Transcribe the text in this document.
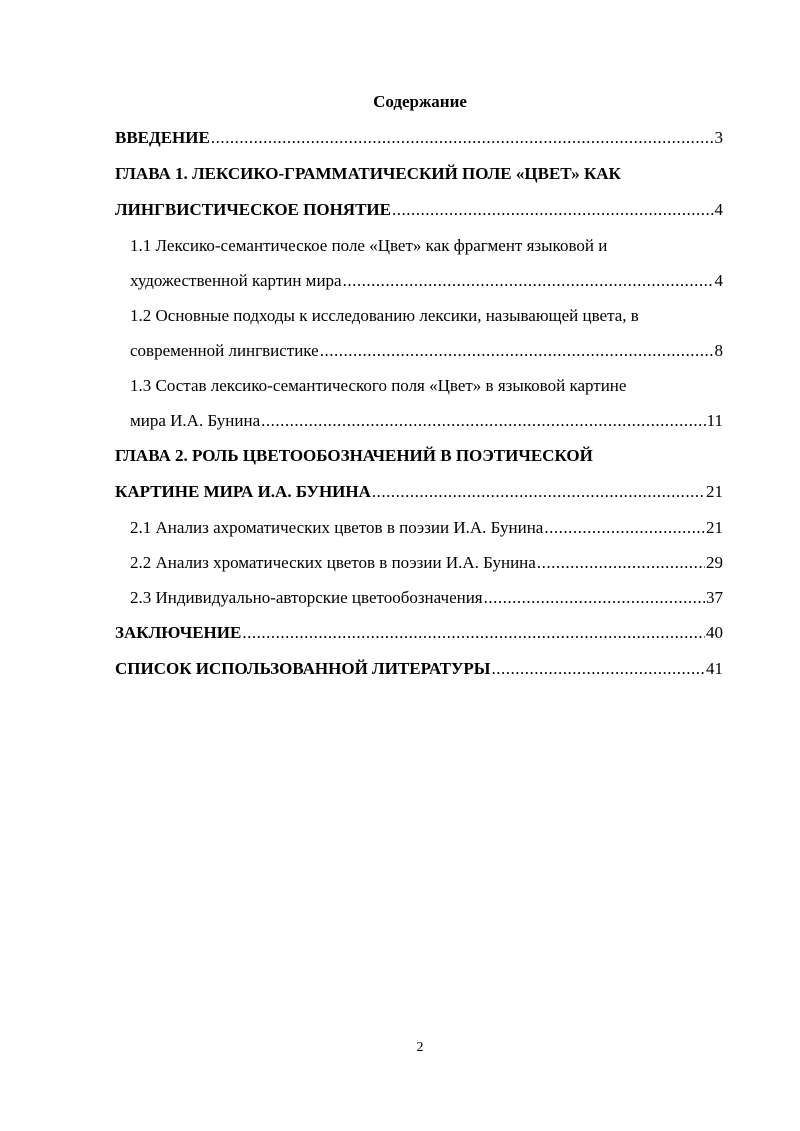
Содержание
ВВЕДЕНИЕ .....	3
ГЛАВА 1. ЛЕКСИКО-ГРАММАТИЧЕСКИЙ ПОЛЕ «ЦВЕТ» КАК
ЛИНГВИСТИЧЕСКОЕ ПОНЯТИЕ .....	4
1.1 Лексико-семантическое поле «Цвет» как фрагмент языковой и
художественной картин мира .....	4
1.2 Основные подходы к исследованию лексики, называющей цвета, в
современной лингвистике .....	8
1.3 Состав лексико-семантического поля «Цвет» в языковой картине
мира И.А. Бунина .....	11
ГЛАВА 2. РОЛЬ ЦВЕТООБОЗНАЧЕНИЙ В ПОЭТИЧЕСКОЙ
КАРТИНЕ МИРА И.А. БУНИНА .....	21
2.1 Анализ ахроматических цветов в поэзии И.А. Бунина .....	21
2.2 Анализ хроматических цветов в поэзии И.А. Бунина .....	29
2.3 Индивидуально-авторские цветообозначения .....	37
ЗАКЛЮЧЕНИЕ .....	40
СПИСОК ИСПОЛЬЗОВАННОЙ ЛИТЕРАТУРЫ .....	41
2
